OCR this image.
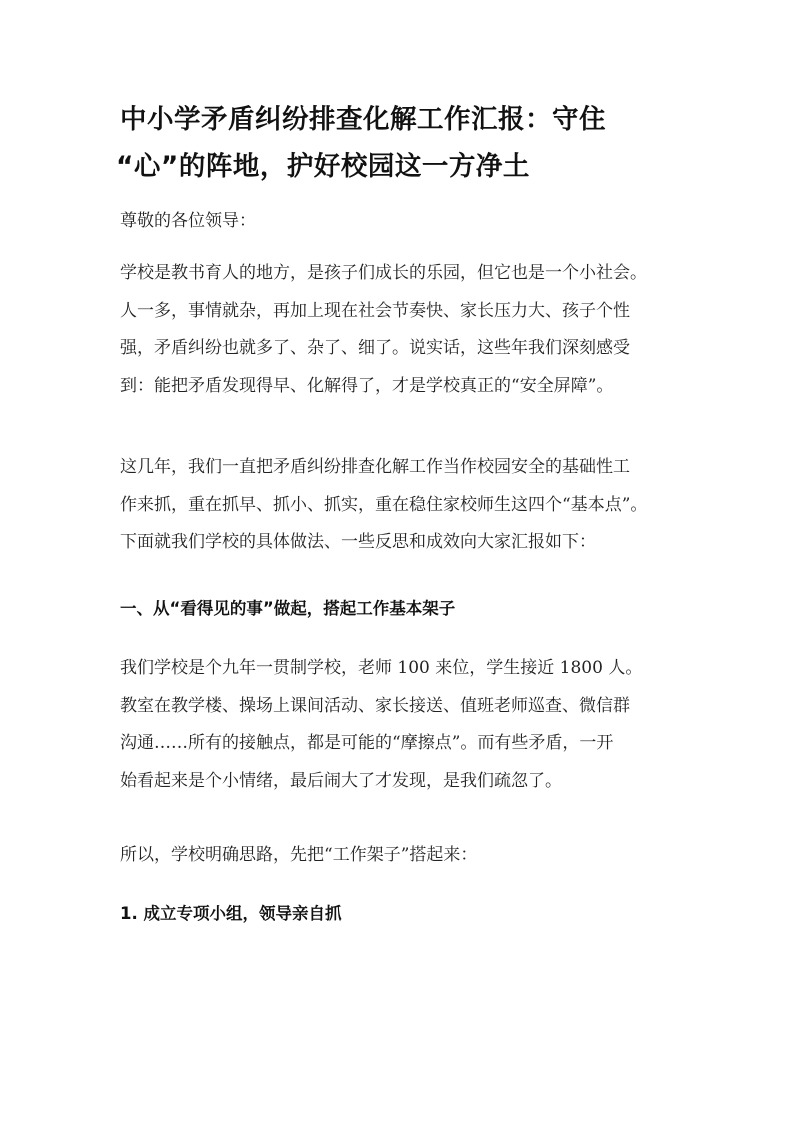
中小学矛盾纠纷排查化解工作汇报：守住
“心”的阵地，护好校园这一方净土

尊敬的各位领导：

学校是教书育人的地方，是孩子们成长的乐园，但它也是一个小社会。
人一多，事情就杂，再加上现在社会节奏快、家长压力大、孩子个性
强，矛盾纠纷也就多了、杂了、细了。说实话，这些年我们深刻感受
到：能把矛盾发现得早、化解得了，才是学校真正的“安全屏障”。

这几年，我们一直把矛盾纠纷排查化解工作当作校园安全的基础性工
作来抓，重在抓早、抓小、抓实，重在稳住家校师生这四个“基本点”。
下面就我们学校的具体做法、一些反思和成效向大家汇报如下：

一、从“看得见的事”做起，搭起工作基本架子

我们学校是个九年一贯制学校，老师 100 来位，学生接近 1800 人。
教室在教学楼、操场上课间活动、家长接送、值班老师巡查、微信群
沟通……所有的接触点，都是可能的“摩擦点”。而有些矛盾，一开
始看起来是个小情绪，最后闹大了才发现，是我们疏忽了。

所以，学校明确思路，先把“工作架子”搭起来：

1. 成立专项小组，领导亲自抓
